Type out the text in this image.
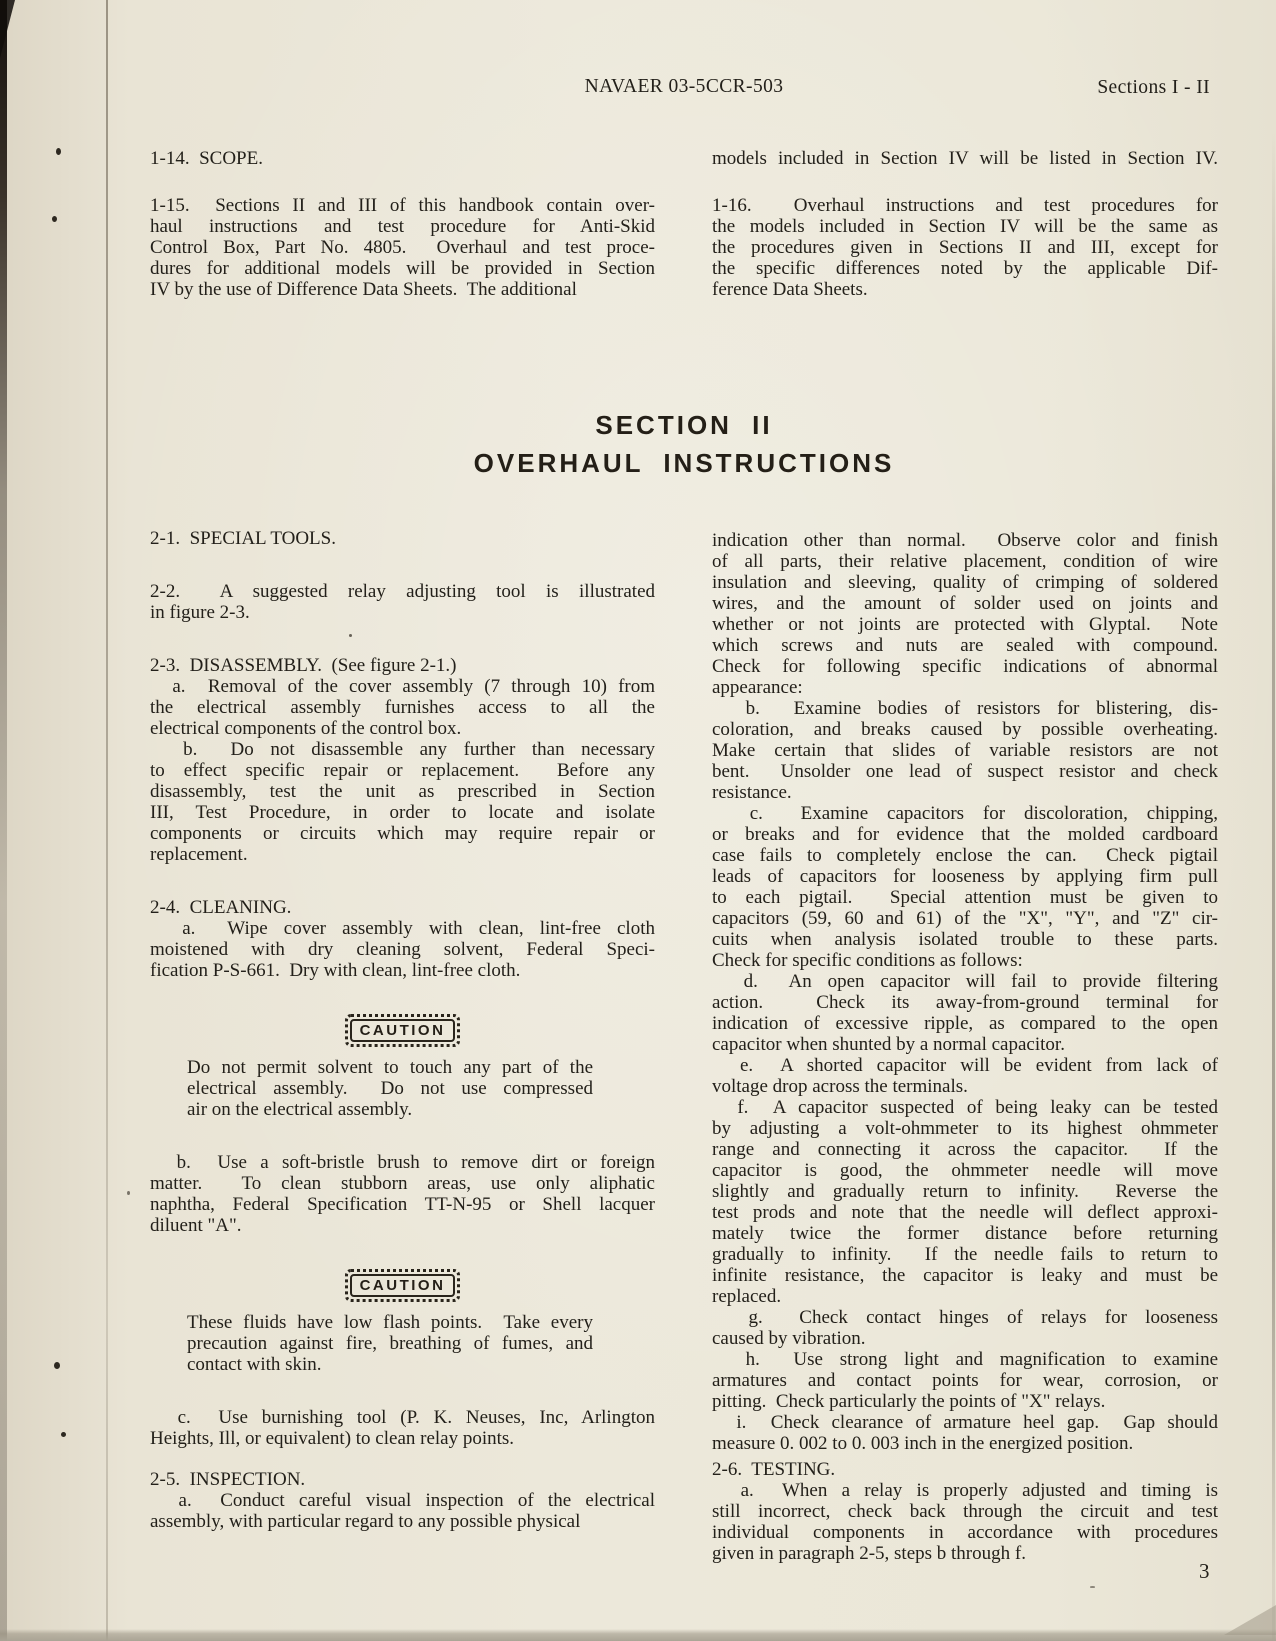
NAVAER 03-5CCR-503	Sections I - II
1-14.  SCOPE.
1-15.  Sections II and III of this handbook contain over-
haul instructions and test procedure for Anti-Skid
Control Box, Part No. 4805.  Overhaul and test proce-
dures for additional models will be provided in Section
IV by the use of Difference Data Sheets.  The additional
models included in Section IV will be listed in Section IV.
1-16.  Overhaul instructions and test procedures for
the models included in Section IV will be the same as
the procedures given in Sections II and III, except for
the specific differences noted by the applicable Dif-
ference Data Sheets.
SECTION II
OVERHAUL INSTRUCTIONS
2-1.  SPECIAL TOOLS.
2-2.  A suggested relay adjusting tool is illustrated
in figure 2-3.
2-3.  DISASSEMBLY.  (See figure 2-1.)
a.  Removal of the cover assembly (7 through 10) from
the electrical assembly furnishes access to all the
electrical components of the control box.
b.  Do not disassemble any further than necessary
to effect specific repair or replacement.  Before any
disassembly, test the unit as prescribed in Section
III, Test Procedure, in order to locate and isolate
components or circuits which may require repair or
replacement.
2-4.  CLEANING.
a.  Wipe cover assembly with clean, lint-free cloth
moistened with dry cleaning solvent, Federal Speci-
fication P-S-661.  Dry with clean, lint-free cloth.
CAUTION
Do not permit solvent to touch any part of the
electrical assembly.  Do not use compressed
air on the electrical assembly.
b.  Use a soft-bristle brush to remove dirt or foreign
matter.  To clean stubborn areas, use only aliphatic
naphtha, Federal Specification TT-N-95 or Shell lacquer
diluent "A".
CAUTION
These fluids have low flash points.  Take every
precaution against fire, breathing of fumes, and
contact with skin.
c.  Use burnishing tool (P. K. Neuses, Inc, Arlington
Heights, Ill, or equivalent) to clean relay points.
2-5.  INSPECTION.
a.  Conduct careful visual inspection of the electrical
assembly, with particular regard to any possible physical
indication other than normal.  Observe color and finish
of all parts, their relative placement, condition of wire
insulation and sleeving, quality of crimping of soldered
wires, and the amount of solder used on joints and
whether or not joints are protected with Glyptal.  Note
which screws and nuts are sealed with compound.
Check for following specific indications of abnormal
appearance:
b.  Examine bodies of resistors for blistering, dis-
coloration, and breaks caused by possible overheating.
Make certain that slides of variable resistors are not
bent.  Unsolder one lead of suspect resistor and check
resistance.
c.  Examine capacitors for discoloration, chipping,
or breaks and for evidence that the molded cardboard
case fails to completely enclose the can.  Check pigtail
leads of capacitors for looseness by applying firm pull
to each pigtail.  Special attention must be given to
capacitors (59, 60 and 61) of the "X", "Y", and "Z" cir-
cuits when analysis isolated trouble to these parts.
Check for specific conditions as follows:
d.  An open capacitor will fail to provide filtering
action.  Check its away-from-ground terminal for
indication of excessive ripple, as compared to the open
capacitor when shunted by a normal capacitor.
e.  A shorted capacitor will be evident from lack of
voltage drop across the terminals.
f.  A capacitor suspected of being leaky can be tested
by adjusting a volt-ohmmeter to its highest ohmmeter
range and connecting it across the capacitor.  If the
capacitor is good, the ohmmeter needle will move
slightly and gradually return to infinity.  Reverse the
test prods and note that the needle will deflect approxi-
mately twice the former distance before returning
gradually to infinity.  If the needle fails to return to
infinite resistance, the capacitor is leaky and must be
replaced.
g.  Check contact hinges of relays for looseness
caused by vibration.
h.  Use strong light and magnification to examine
armatures and contact points for wear, corrosion, or
pitting.  Check particularly the points of "X" relays.
i.  Check clearance of armature heel gap.  Gap should
measure 0. 002 to 0. 003 inch in the energized position.
2-6.  TESTING.
a.  When a relay is properly adjusted and timing is
still incorrect, check back through the circuit and test
individual components in accordance with procedures
given in paragraph 2-5, steps b through f.
3
